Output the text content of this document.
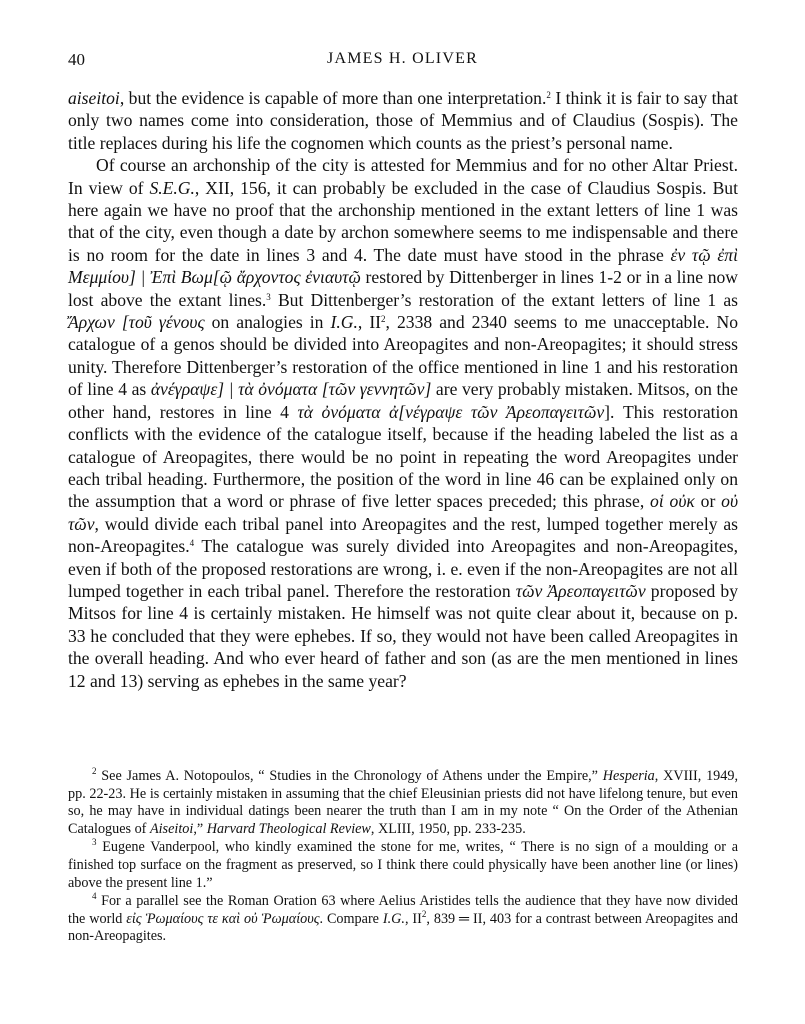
40	JAMES H. OLIVER

aiseitoi, but the evidence is capable of more than one interpretation.$^2$ I think it is fair to say that only two names come into consideration, those of Memmius and of Claudius (Sospis). The title replaces during his life the cognomen which counts as the priest’s personal name.

Of course an archonship of the city is attested for Memmius and for no other Altar Priest. In view of S.E.G., XII, 156, it can probably be excluded in the case of Claudius Sospis. But here again we have no proof that the archonship mentioned in the extant letters of line 1 was that of the city, even though a date by archon somewhere seems to me indispensable and there is no room for the date in lines 3 and 4. The date must have stood in the phrase ἐν τῷ ἐπὶ Μεμμίου] | Ἐπὶ Βωμ[ῷ ἄρχοντος ἐνιαυτῷ restored by Dittenberger in lines 1-2 or in a line now lost above the extant lines.$^3$ But Dittenberger’s restoration of the extant letters of line 1 as Ἄρχων [τοῦ γένους on analogies in I.G., $II^2$, 2338 and 2340 seems to me unacceptable. No catalogue of a genos should be divided into Areopagites and non-Areopagites; it should stress unity. Therefore Dittenberger’s restoration of the office mentioned in line 1 and his restoration of line 4 as ἀνέγραψε] | τὰ ὀνόματα [τῶν γεννητῶν] are very probably mistaken. Mitsos, on the other hand, restores in line 4 τὰ ὀνόματα ἀ[νέγραψε τῶν Ἀρεοπαγειτῶν]. This restoration conflicts with the evidence of the catalogue itself, because if the heading labeled the list as a catalogue of Areopagites, there would be no point in repeating the word Areopagites under each tribal heading. Furthermore, the position of the word in line 46 can be explained only on the assumption that a word or phrase of five letter spaces preceded; this phrase, οἱ οὐκ or οὐ τῶν, would divide each tribal panel into Areopagites and the rest, lumped together merely as non-Areopagites.$^4$ The catalogue was surely divided into Areopagites and non-Areopagites, even if both of the proposed restorations are wrong, i. e. even if the non-Areopagites are not all lumped together in each tribal panel. Therefore the restoration τῶν Ἀρεοπαγειτῶν proposed by Mitsos for line 4 is certainly mistaken. He himself was not quite clear about it, because on p. 33 he concluded that they were ephebes. If so, they would not have been called Areopagites in the overall heading. And who ever heard of father and son (as are the men mentioned in lines 12 and 13) serving as ephebes in the same year?

$^2$ See James A. Notopoulos, “ Studies in the Chronology of Athens under the Empire,” Hesperia, XVIII, 1949, pp. 22-23. He is certainly mistaken in assuming that the chief Eleusinian priests did not have lifelong tenure, but even so, he may have in individual datings been nearer the truth than I am in my note “ On the Order of the Athenian Catalogues of Aiseitoi,” Harvard Theological Review, XLIII, 1950, pp. 233-235.

$^3$ Eugene Vanderpool, who kindly examined the stone for me, writes, “ There is no sign of a moulding or a finished top surface on the fragment as preserved, so I think there could physically have been another line (or lines) above the present line 1.”

$^4$ For a parallel see the Roman Oration 63 where Aelius Aristides tells the audience that they have now divided the world εἰς Ῥωμαίους τε καὶ οὐ Ῥωμαίους. Compare I.G., $II^2$, 839 ═ II, 403 for a contrast between Areopagites and non-Areopagites.
